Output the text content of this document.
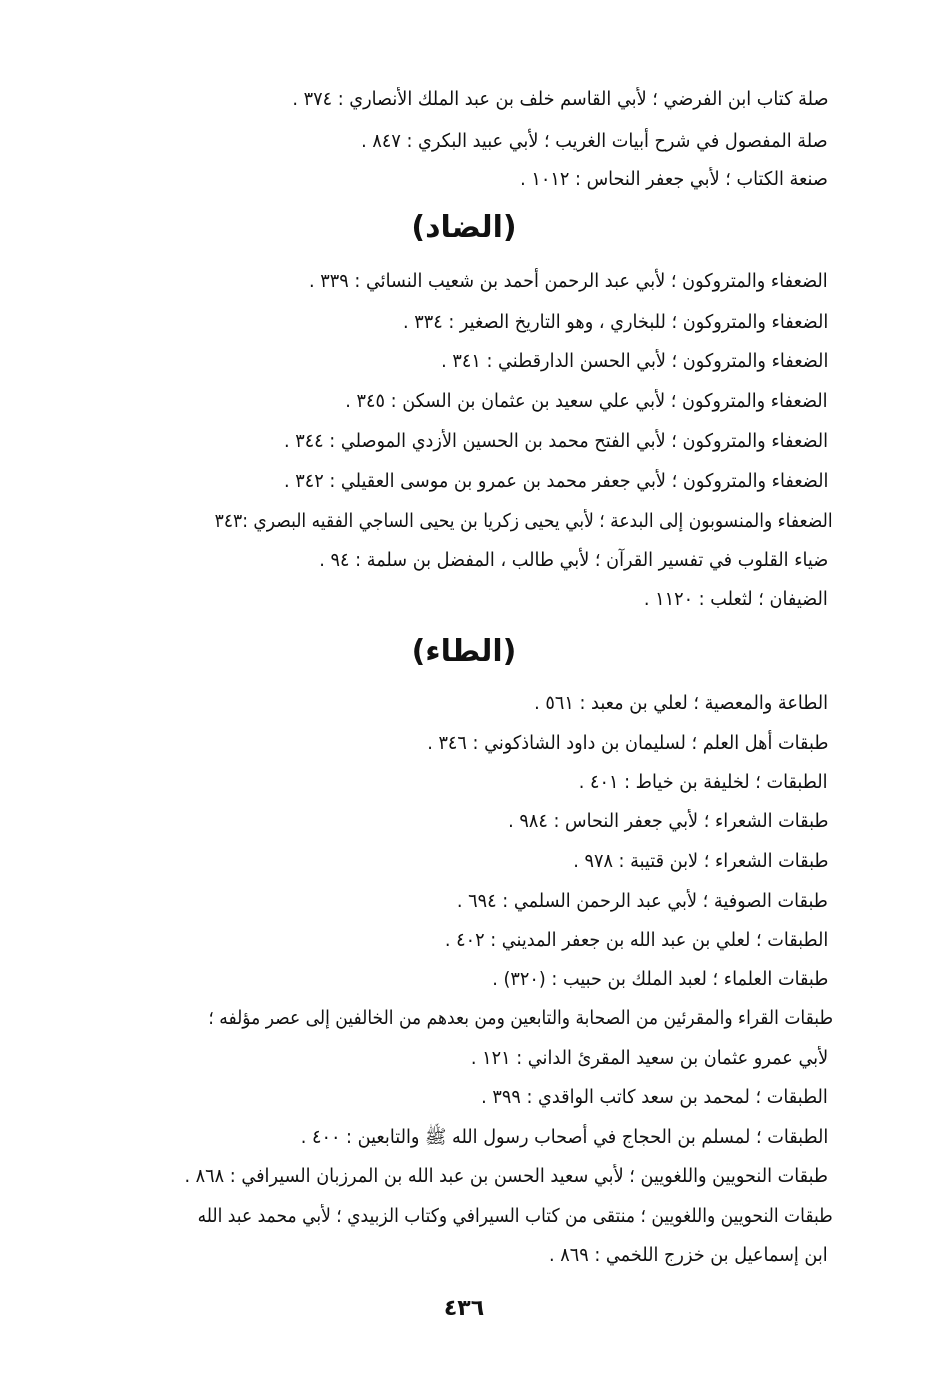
صلة كتاب ابن الفرضي ؛ لأبي القاسم خلف بن عبد الملك الأنصاري : ٣٧٤ .
صلة المفصول في شرح أبيات الغريب ؛ لأبي عبيد البكري : ٨٤٧ .
صنعة الكتاب ؛ لأبي جعفر النحاس : ١٠١٢ .
(الضاد)
الضعفاء والمتروكون ؛ لأبي عبد الرحمن أحمد بن شعيب النسائي : ٣٣٩ .
الضعفاء والمتروكون ؛ للبخاري ، وهو التاريخ الصغير : ٣٣٤ .
الضعفاء والمتروكون ؛ لأبي الحسن الدارقطني : ٣٤١ .
الضعفاء والمتروكون ؛ لأبي علي سعيد بن عثمان بن السكن : ٣٤٥ .
الضعفاء والمتروكون ؛ لأبي الفتح محمد بن الحسين الأزدي الموصلي : ٣٤٤ .
الضعفاء والمتروكون ؛ لأبي جعفر محمد بن عمرو بن موسى العقيلي : ٣٤٢ .
الضعفاء والمنسوبون إلى البدعة ؛ لأبي يحيى زكريا بن يحيى الساجي الفقيه البصري :٣٤٣
ضياء القلوب في تفسير القرآن ؛ لأبي طالب ، المفضل بن سلمة : ٩٤ .
الضيفان ؛ لثعلب : ١١٢٠ .
(الطاء)
الطاعة والمعصية ؛ لعلي بن معبد : ٥٦١ .
طبقات أهل العلم ؛ لسليمان بن داود الشاذكوني : ٣٤٦ .
الطبقات ؛ لخليفة بن خياط : ٤٠١ .
طبقات الشعراء ؛ لأبي جعفر النحاس : ٩٨٤ .
طبقات الشعراء ؛ لابن قتيبة : ٩٧٨ .
طبقات الصوفية ؛ لأبي عبد الرحمن السلمي : ٦٩٤ .
الطبقات ؛ لعلي بن عبد الله بن جعفر المديني : ٤٠٢ .
طبقات العلماء ؛ لعبد الملك بن حبيب : (٣٢٠) .
طبقات القراء والمقرئين من الصحابة والتابعين ومن بعدهم من الخالفين إلى عصر مؤلفه ؛
لأبي عمرو عثمان بن سعيد المقرئ الداني : ١٢١ .
الطبقات ؛ لمحمد بن سعد كاتب الواقدي : ٣٩٩ .
الطبقات ؛ لمسلم بن الحجاج في أصحاب رسول الله ﷺ والتابعين : ٤٠٠ .
طبقات النحويين واللغويين ؛ لأبي سعيد الحسن بن عبد الله بن المرزبان السيرافي : ٨٦٨ .
طبقات النحويين واللغويين ؛ منتقى من كتاب السيرافي وكتاب الزبيدي ؛ لأبي محمد عبد الله
ابن إسماعيل بن خزرج اللخمي : ٨٦٩ .
٤٣٦
